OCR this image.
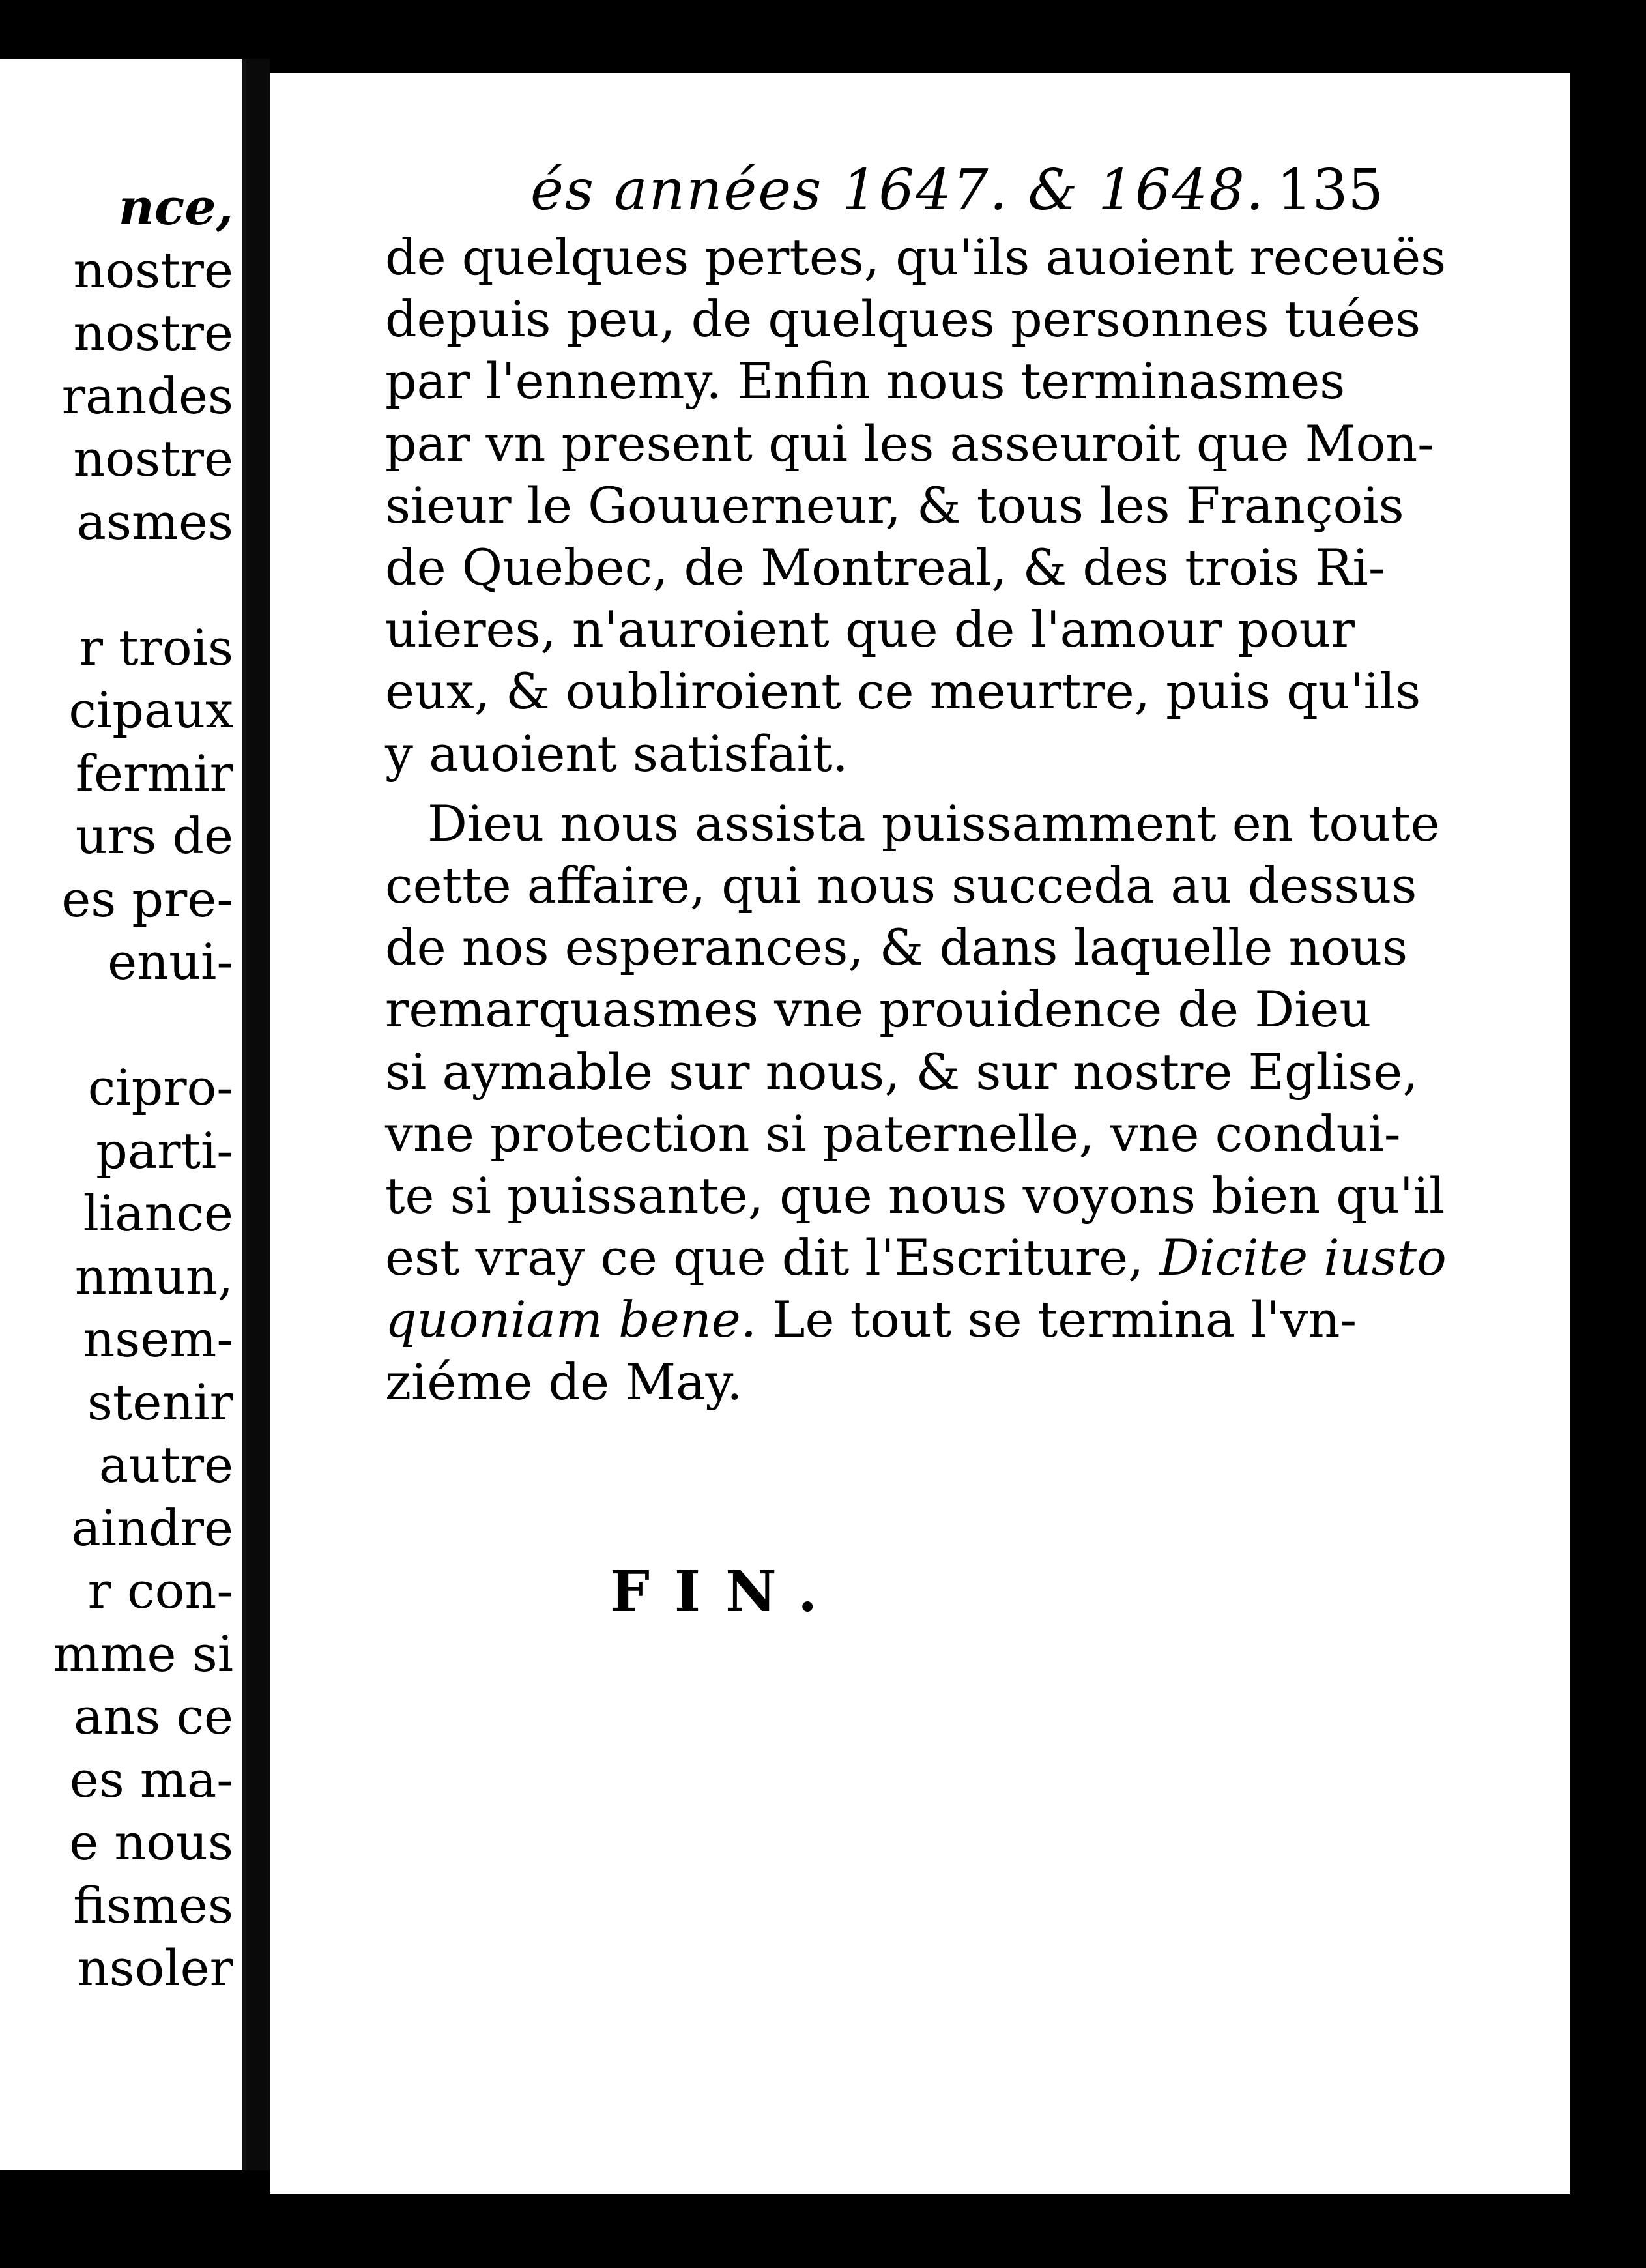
nce,
nostre
nostre
randes
nostre
asmes

r trois
cipaux
fermir
urs de
es pre-
enui-

cipro-
parti-
liance
nmun,
nsem-
stenir
autre
aindre
r con-
mme si
ans ce
es ma-
e nous
fismes
nsoler
és années 1647. & 1648. 135
de quelques pertes, qu'ils auoient receuës
depuis peu, de quelques personnes tuées
par l'ennemy. Enfin nous terminasmes
par vn present qui les asseuroit que Mon-
sieur le Gouuerneur, & tous les François
de Quebec, de Montreal, & des trois Ri-
uieres, n'auroient que de l'amour pour
eux, & oubliroient ce meurtre, puis qu'ils
y auoient satisfait.
Dieu nous assista puissamment en toute
cette affaire, qui nous succeda au dessus
de nos esperances, & dans laquelle nous
remarquasmes vne prouidence de Dieu
si aymable sur nous, & sur nostre Eglise,
vne protection si paternelle, vne condui-
te si puissante, que nous voyons bien qu'il
est vray ce que dit l'Escriture, Dicite iusto
quoniam bene. Le tout se termina l'vn-
ziéme de May.
FIN.
